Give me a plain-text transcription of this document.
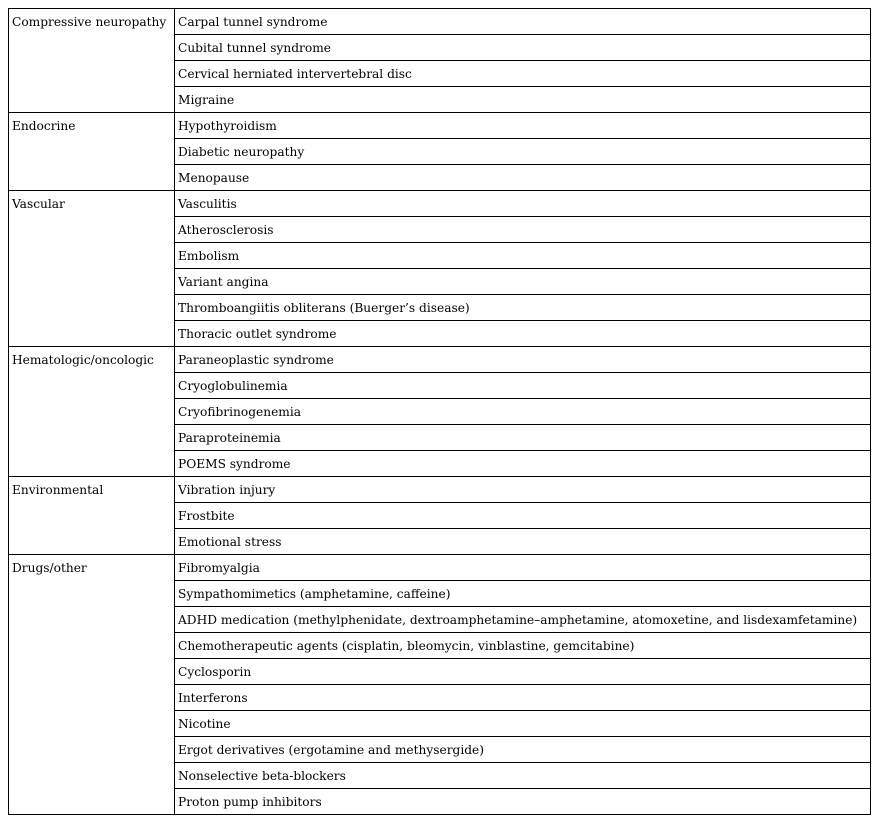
Compressive neuropathy	Carpal tunnel syndrome
	Cubital tunnel syndrome
	Cervical herniated intervertebral disc
	Migraine
Endocrine	Hypothyroidism
	Diabetic neuropathy
	Menopause
Vascular	Vasculitis
	Atherosclerosis
	Embolism
	Variant angina
	Thromboangiitis obliterans (Buerger’s disease)
	Thoracic outlet syndrome
Hematologic/oncologic	Paraneoplastic syndrome
	Cryoglobulinemia
	Cryofibrinogenemia
	Paraproteinemia
	POEMS syndrome
Environmental	Vibration injury
	Frostbite
	Emotional stress
Drugs/other	Fibromyalgia
	Sympathomimetics (amphetamine, caffeine)
	ADHD medication (methylphenidate, dextroamphetamine–amphetamine, atomoxetine, and lisdexamfetamine)
	Chemotherapeutic agents (cisplatin, bleomycin, vinblastine, gemcitabine)
	Cyclosporin
	Interferons
	Nicotine
	Ergot derivatives (ergotamine and methysergide)
	Nonselective beta-blockers
	Proton pump inhibitors
